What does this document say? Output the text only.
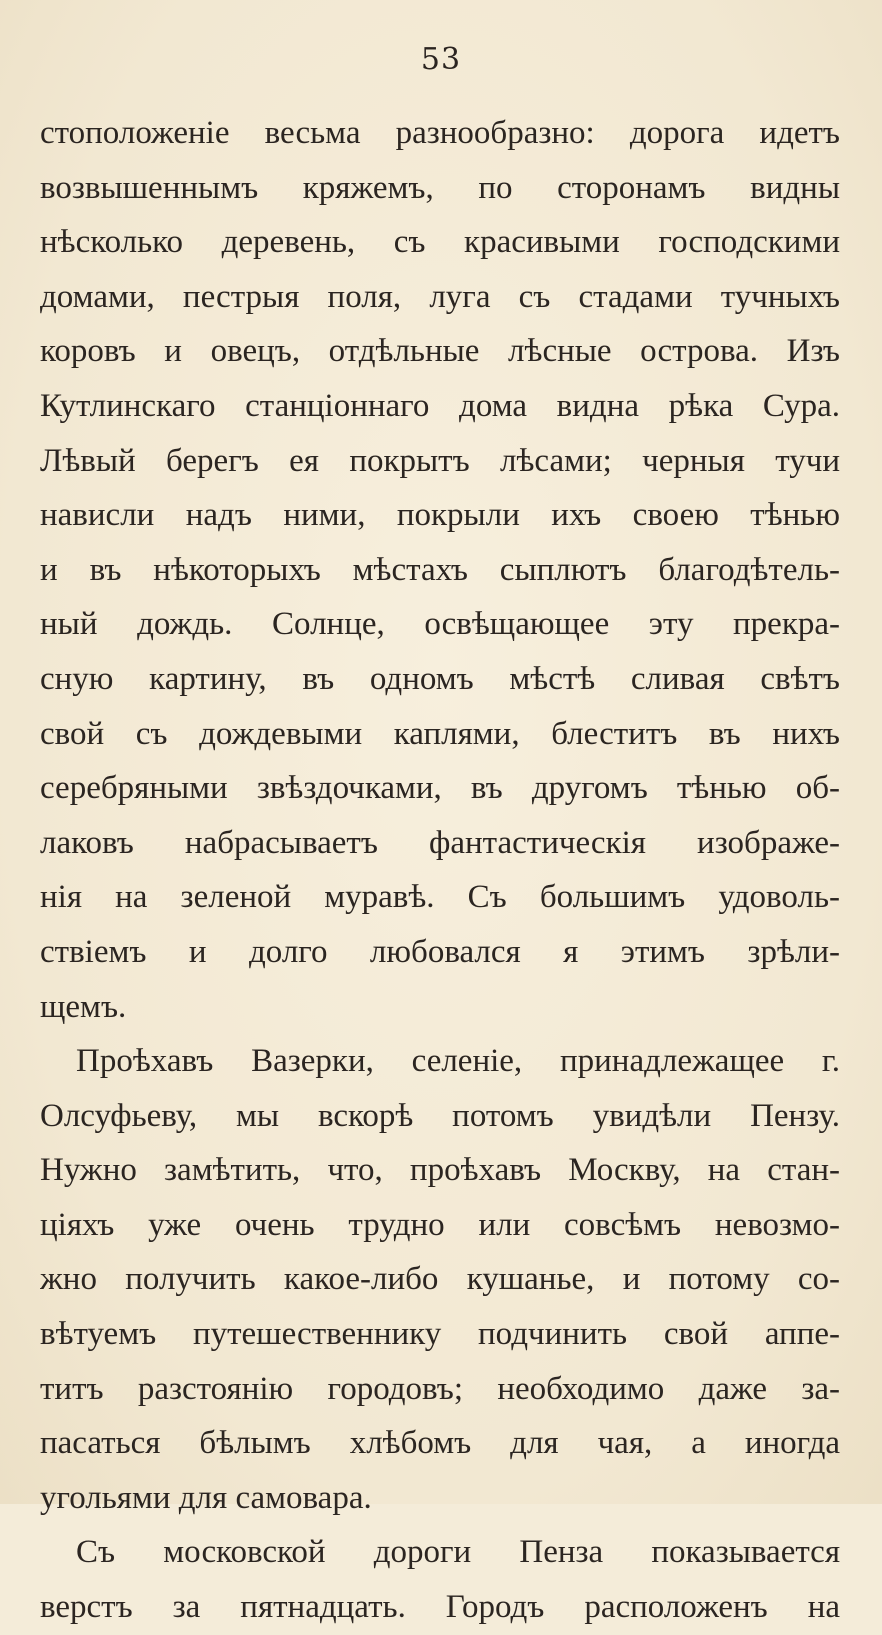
53
стоположеніе весьма разнообразно: дорога идетъ
возвышеннымъ кряжемъ, по сторонамъ видны
нѣсколько деревень, съ красивыми господскими
домами, пестрыя поля, луга съ стадами тучныхъ
коровъ и овецъ, отдѣльные лѣсные острова. Изъ
Кутлинскаго станціоннаго дома видна рѣка Сура.
Лѣвый берегъ ея покрытъ лѣсами; черныя тучи
нависли надъ ними, покрыли ихъ своею тѣнью
и въ нѣкоторыхъ мѣстахъ сыплютъ благодѣтель-
ный дождь. Солнце, освѣщающее эту прекра-
сную картину, въ одномъ мѣстѣ сливая свѣтъ
свой съ дождевыми каплями, блеститъ въ нихъ
серебряными звѣздочками, въ другомъ тѣнью об-
лаковъ набрасываетъ фантастическія изображе-
нія на зеленой муравѣ. Съ большимъ удоволь-
ствіемъ и долго любовался я этимъ зрѣли-
щемъ.
Проѣхавъ Вазерки, селеніе, принадлежащее г.
Олсуфьеву, мы вскорѣ потомъ увидѣли Пензу.
Нужно замѣтить, что, проѣхавъ Москву, на стан-
ціяхъ уже очень трудно или совсѣмъ невозмо-
жно получить какое-либо кушанье, и потому со-
вѣтуемъ путешественнику подчинить свой аппе-
титъ разстоянію городовъ; необходимо даже за-
пасаться бѣлымъ хлѣбомъ для чая, а иногда
угольями для самовара.
Съ московской дороги Пенза показывается
верстъ за пятнадцать. Городъ расположенъ на
